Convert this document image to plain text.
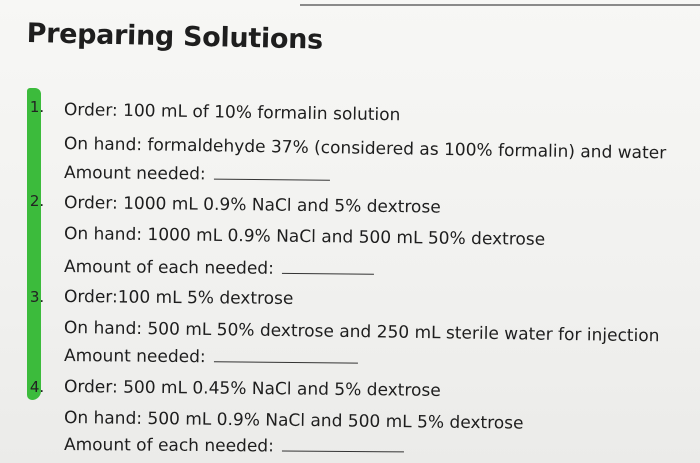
Preparing Solutions
1. Order: 100 mL of 10% formalin solution
On hand: formaldehyde 37% (considered as 100% formalin) and water
Amount needed:
2. Order: 1000 mL 0.9% NaCl and 5% dextrose
On hand: 1000 mL 0.9% NaCl and 500 mL 50% dextrose
Amount of each needed:
3. Order:100 mL 5% dextrose
On hand: 500 mL 50% dextrose and 250 mL sterile water for injection
Amount needed:
4. Order: 500 mL 0.45% NaCl and 5% dextrose
On hand: 500 mL 0.9% NaCl and 500 mL 5% dextrose
Amount of each needed:
